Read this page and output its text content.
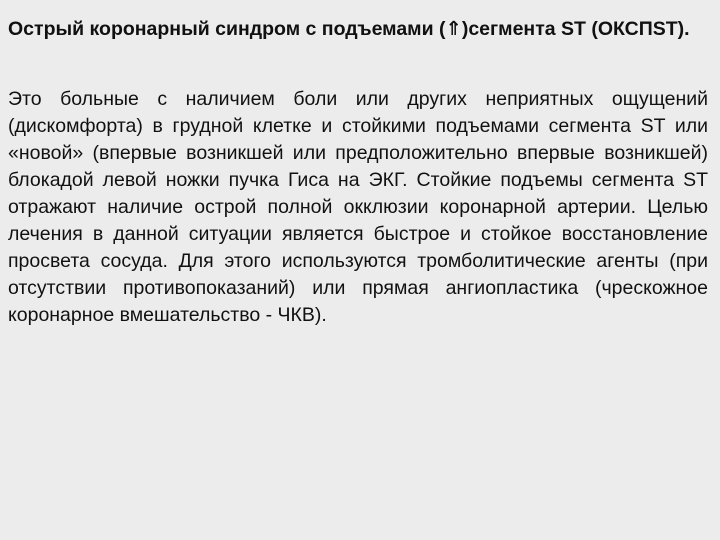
Острый коронарный синдром с подъемами (⇑)сегмента ST (ОКСПST).

Это больные с наличием боли или других неприятных ощущений (дискомфорта) в грудной клетке и стойкими подъемами сегмента ST или «новой» (впервые возникшей или предположительно впервые возникшей) блокадой левой ножки пучка Гиса на ЭКГ. Стойкие подъемы сегмента ST отражают наличие острой полной окклюзии коронарной артерии. Целью лечения в данной ситуации является быстрое и стойкое восстановление просвета сосуда. Для этого используются тромболитические агенты (при отсутствии противопоказаний) или прямая ангиопластика (чрескожное коронарное вмешательство - ЧКВ).
